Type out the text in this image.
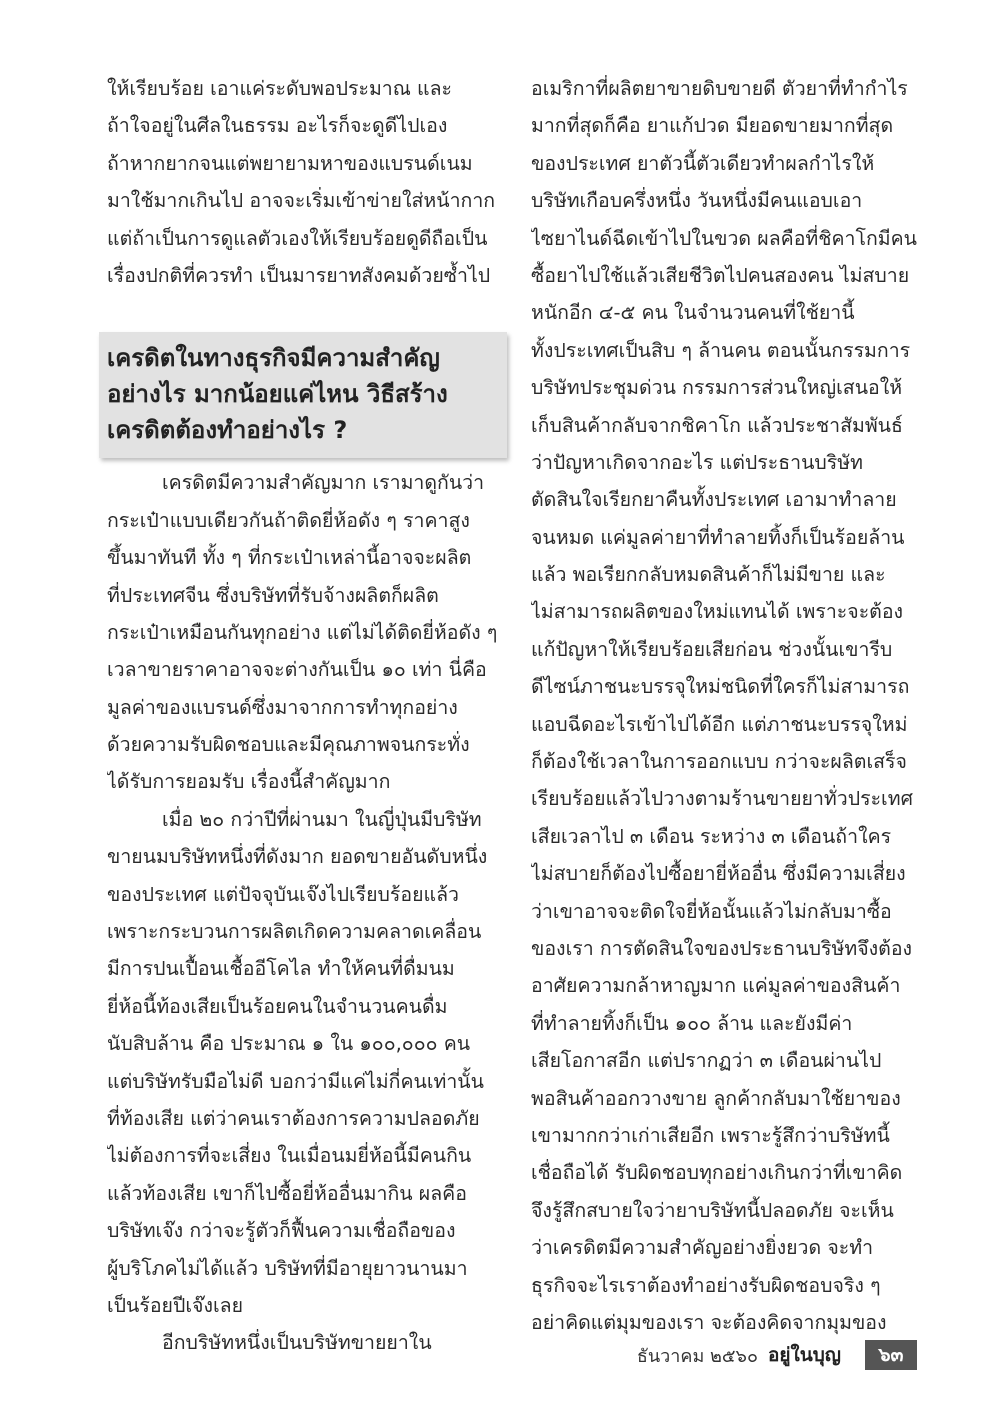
ให้เรียบร้อย เอาแค่ระดับพอประมาณ และ
ถ้าใจอยู่ในศีลในธรรม อะไรก็จะดูดีไปเอง
ถ้าหากยากจนแต่พยายามหาของแบรนด์เนม
มาใช้มากเกินไป อาจจะเริ่มเข้าข่ายใส่หน้ากาก
แต่ถ้าเป็นการดูแลตัวเองให้เรียบร้อยดูดีถือเป็น
เรื่องปกติที่ควรทำ เป็นมารยาทสังคมด้วยซ้ำไป
เครดิตในทางธุรกิจมีความสำคัญ
อย่างไร มากน้อยแค่ไหน วิธีสร้าง
เครดิตต้องทำอย่างไร ?
เครดิตมีความสำคัญมาก เรามาดูกันว่า
กระเป๋าแบบเดียวกันถ้าติดยี่ห้อดัง ๆ ราคาสูง
ขึ้นมาทันที ทั้ง ๆ ที่กระเป๋าเหล่านี้อาจจะผลิต
ที่ประเทศจีน ซึ่งบริษัทที่รับจ้างผลิตก็ผลิต
กระเป๋าเหมือนกันทุกอย่าง แต่ไม่ได้ติดยี่ห้อดัง ๆ
เวลาขายราคาอาจจะต่างกันเป็น ๑๐ เท่า นี่คือ
มูลค่าของแบรนด์ซึ่งมาจากการทำทุกอย่าง
ด้วยความรับผิดชอบและมีคุณภาพจนกระทั่ง
ได้รับการยอมรับ เรื่องนี้สำคัญมาก
เมื่อ ๒๐ กว่าปีที่ผ่านมา ในญี่ปุ่นมีบริษัท
ขายนมบริษัทหนึ่งที่ดังมาก ยอดขายอันดับหนึ่ง
ของประเทศ แต่ปัจจุบันเจ๊งไปเรียบร้อยแล้ว
เพราะกระบวนการผลิตเกิดความคลาดเคลื่อน
มีการปนเปื้อนเชื้ออีโคไล ทำให้คนที่ดื่มนม
ยี่ห้อนี้ท้องเสียเป็นร้อยคนในจำนวนคนดื่ม
นับสิบล้าน คือ ประมาณ ๑ ใน ๑๐๐,๐๐๐ คน
แต่บริษัทรับมือไม่ดี บอกว่ามีแค่ไม่กี่คนเท่านั้น
ที่ท้องเสีย แต่ว่าคนเราต้องการความปลอดภัย
ไม่ต้องการที่จะเสี่ยง ในเมื่อนมยี่ห้อนี้มีคนกิน
แล้วท้องเสีย เขาก็ไปซื้อยี่ห้ออื่นมากิน ผลคือ
บริษัทเจ๊ง กว่าจะรู้ตัวก็ฟื้นความเชื่อถือของ
ผู้บริโภคไม่ได้แล้ว บริษัทที่มีอายุยาวนานมา
เป็นร้อยปีเจ๊งเลย
อีกบริษัทหนึ่งเป็นบริษัทขายยาใน
อเมริกาที่ผลิตยาขายดิบขายดี ตัวยาที่ทำกำไร
มากที่สุดก็คือ ยาแก้ปวด มียอดขายมากที่สุด
ของประเทศ ยาตัวนี้ตัวเดียวทำผลกำไรให้
บริษัทเกือบครึ่งหนึ่ง วันหนึ่งมีคนแอบเอา
ไซยาไนด์ฉีดเข้าไปในขวด ผลคือที่ชิคาโกมีคน
ซื้อยาไปใช้แล้วเสียชีวิตไปคนสองคน ไม่สบาย
หนักอีก ๔-๕ คน ในจำนวนคนที่ใช้ยานี้
ทั้งประเทศเป็นสิบ ๆ ล้านคน ตอนนั้นกรรมการ
บริษัทประชุมด่วน กรรมการส่วนใหญ่เสนอให้
เก็บสินค้ากลับจากชิคาโก แล้วประชาสัมพันธ์
ว่าปัญหาเกิดจากอะไร แต่ประธานบริษัท
ตัดสินใจเรียกยาคืนทั้งประเทศ เอามาทำลาย
จนหมด แค่มูลค่ายาที่ทำลายทิ้งก็เป็นร้อยล้าน
แล้ว พอเรียกกลับหมดสินค้าก็ไม่มีขาย และ
ไม่สามารถผลิตของใหม่แทนได้ เพราะจะต้อง
แก้ปัญหาให้เรียบร้อยเสียก่อน ช่วงนั้นเขารีบ
ดีไซน์ภาชนะบรรจุใหม่ชนิดที่ใครก็ไม่สามารถ
แอบฉีดอะไรเข้าไปได้อีก แต่ภาชนะบรรจุใหม่
ก็ต้องใช้เวลาในการออกแบบ กว่าจะผลิตเสร็จ
เรียบร้อยแล้วไปวางตามร้านขายยาทั่วประเทศ
เสียเวลาไป ๓ เดือน ระหว่าง ๓ เดือนถ้าใคร
ไม่สบายก็ต้องไปซื้อยายี่ห้ออื่น ซึ่งมีความเสี่ยง
ว่าเขาอาจจะติดใจยี่ห้อนั้นแล้วไม่กลับมาซื้อ
ของเรา การตัดสินใจของประธานบริษัทจึงต้อง
อาศัยความกล้าหาญมาก แค่มูลค่าของสินค้า
ที่ทำลายทิ้งก็เป็น ๑๐๐ ล้าน และยังมีค่า
เสียโอกาสอีก แต่ปรากฏว่า ๓ เดือนผ่านไป
พอสินค้าออกวางขาย ลูกค้ากลับมาใช้ยาของ
เขามากกว่าเก่าเสียอีก เพราะรู้สึกว่าบริษัทนี้
เชื่อถือได้ รับผิดชอบทุกอย่างเกินกว่าที่เขาคิด
จึงรู้สึกสบายใจว่ายาบริษัทนี้ปลอดภัย จะเห็น
ว่าเครดิตมีความสำคัญอย่างยิ่งยวด จะทำ
ธุรกิจจะไรเราต้องทำอย่างรับผิดชอบจริง ๆ
อย่าคิดแต่มุมของเรา จะต้องคิดจากมุมของ
ธันวาคม ๒๕๖๐ อยู่ในบุญ	๖๓
